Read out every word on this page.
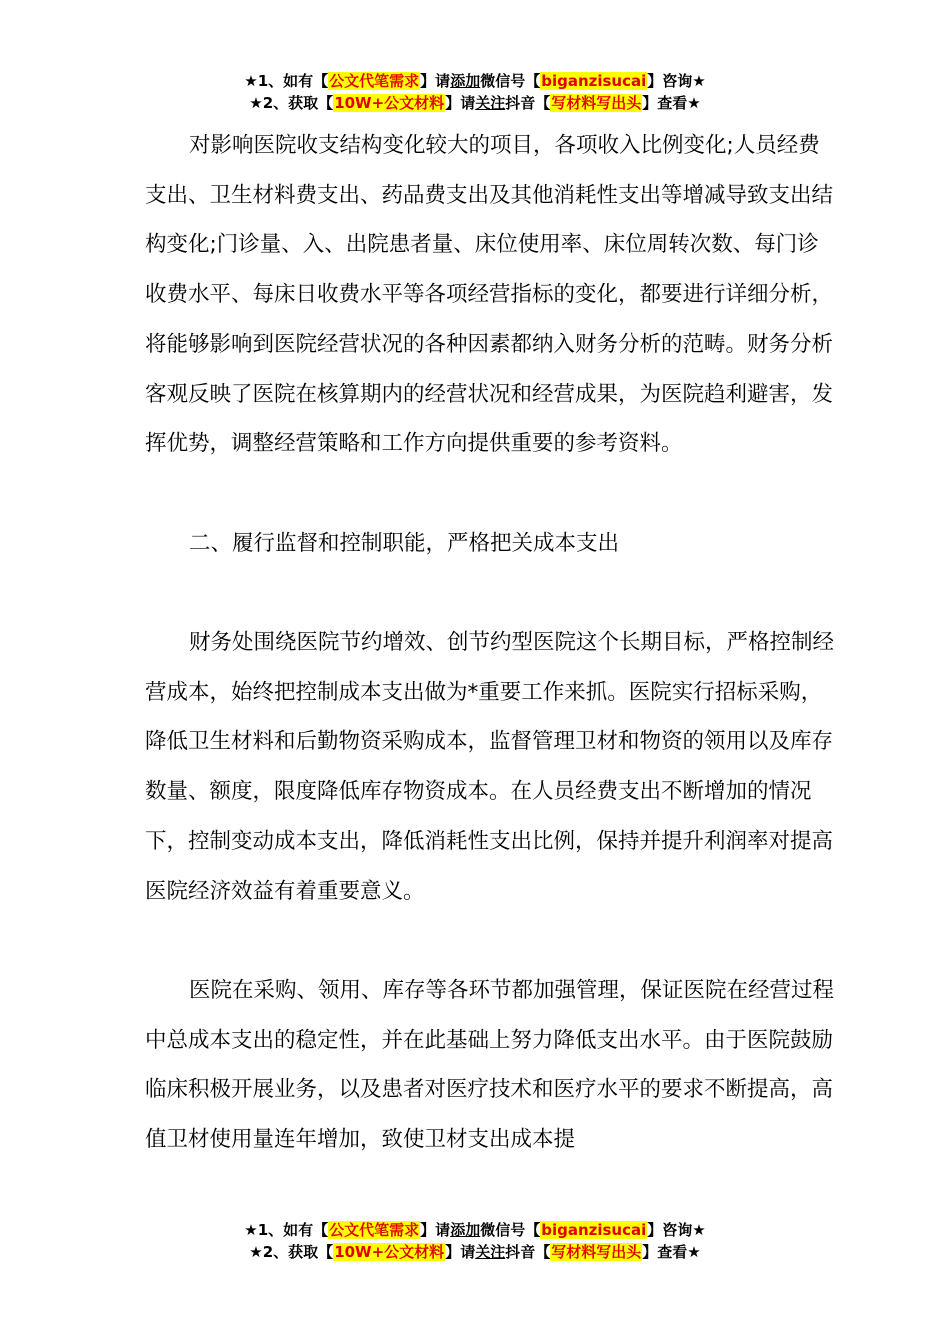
★1、如有【公文代笔需求】请添加微信号【biganzisucai】咨询★
★2、获取【10W+公文材料】请关注抖音【写材料写出头】查看★

对影响医院收支结构变化较大的项目，各项收入比例变化;人员经费支出、卫生材料费支出、药品费支出及其他消耗性支出等增减导致支出结构变化;门诊量、入、出院患者量、床位使用率、床位周转次数、每门诊收费水平、每床日收费水平等各项经营指标的变化，都要进行详细分析，将能够影响到医院经营状况的各种因素都纳入财务分析的范畴。财务分析客观反映了医院在核算期内的经营状况和经营成果，为医院趋利避害，发挥优势，调整经营策略和工作方向提供重要的参考资料。

二、履行监督和控制职能，严格把关成本支出

财务处围绕医院节约增效、创节约型医院这个长期目标，严格控制经营成本，始终把控制成本支出做为*重要工作来抓。医院实行招标采购，降低卫生材料和后勤物资采购成本，监督管理卫材和物资的领用以及库存数量、额度，限度降低库存物资成本。在人员经费支出不断增加的情况下，控制变动成本支出，降低消耗性支出比例，保持并提升利润率对提高医院经济效益有着重要意义。

医院在采购、领用、库存等各环节都加强管理，保证医院在经营过程中总成本支出的稳定性，并在此基础上努力降低支出水平。由于医院鼓励临床积极开展业务，以及患者对医疗技术和医疗水平的要求不断提高，高值卫材使用量连年增加，致使卫材支出成本提

★1、如有【公文代笔需求】请添加微信号【biganzisucai】咨询★
★2、获取【10W+公文材料】请关注抖音【写材料写出头】查看★
